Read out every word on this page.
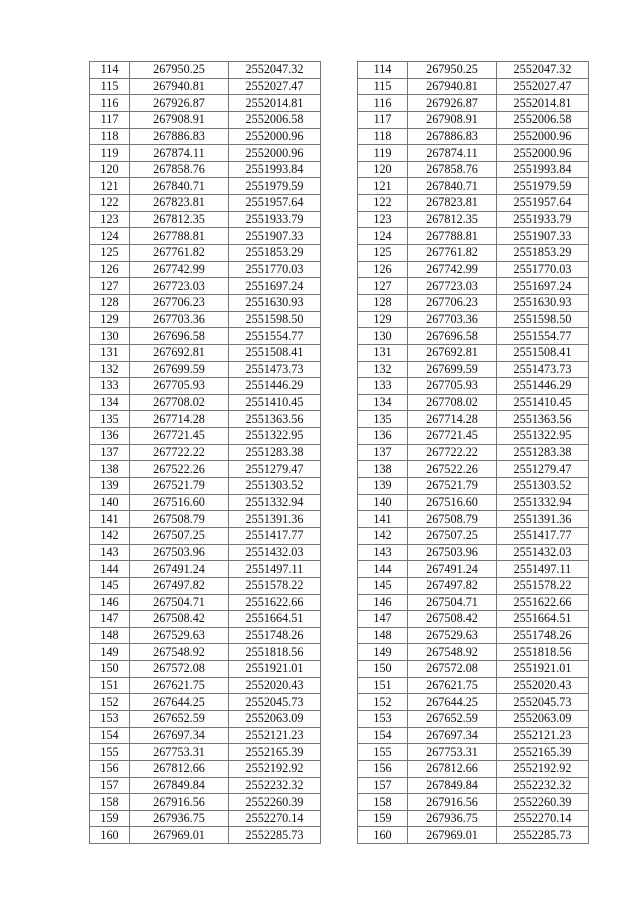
114	267950.25	2552047.32
115	267940.81	2552027.47
116	267926.87	2552014.81
117	267908.91	2552006.58
118	267886.83	2552000.96
119	267874.11	2552000.96
120	267858.76	2551993.84
121	267840.71	2551979.59
122	267823.81	2551957.64
123	267812.35	2551933.79
124	267788.81	2551907.33
125	267761.82	2551853.29
126	267742.99	2551770.03
127	267723.03	2551697.24
128	267706.23	2551630.93
129	267703.36	2551598.50
130	267696.58	2551554.77
131	267692.81	2551508.41
132	267699.59	2551473.73
133	267705.93	2551446.29
134	267708.02	2551410.45
135	267714.28	2551363.56
136	267721.45	2551322.95
137	267722.22	2551283.38
138	267522.26	2551279.47
139	267521.79	2551303.52
140	267516.60	2551332.94
141	267508.79	2551391.36
142	267507.25	2551417.77
143	267503.96	2551432.03
144	267491.24	2551497.11
145	267497.82	2551578.22
146	267504.71	2551622.66
147	267508.42	2551664.51
148	267529.63	2551748.26
149	267548.92	2551818.56
150	267572.08	2551921.01
151	267621.75	2552020.43
152	267644.25	2552045.73
153	267652.59	2552063.09
154	267697.34	2552121.23
155	267753.31	2552165.39
156	267812.66	2552192.92
157	267849.84	2552232.32
158	267916.56	2552260.39
159	267936.75	2552270.14
160	267969.01	2552285.73
114	267950.25	2552047.32
115	267940.81	2552027.47
116	267926.87	2552014.81
117	267908.91	2552006.58
118	267886.83	2552000.96
119	267874.11	2552000.96
120	267858.76	2551993.84
121	267840.71	2551979.59
122	267823.81	2551957.64
123	267812.35	2551933.79
124	267788.81	2551907.33
125	267761.82	2551853.29
126	267742.99	2551770.03
127	267723.03	2551697.24
128	267706.23	2551630.93
129	267703.36	2551598.50
130	267696.58	2551554.77
131	267692.81	2551508.41
132	267699.59	2551473.73
133	267705.93	2551446.29
134	267708.02	2551410.45
135	267714.28	2551363.56
136	267721.45	2551322.95
137	267722.22	2551283.38
138	267522.26	2551279.47
139	267521.79	2551303.52
140	267516.60	2551332.94
141	267508.79	2551391.36
142	267507.25	2551417.77
143	267503.96	2551432.03
144	267491.24	2551497.11
145	267497.82	2551578.22
146	267504.71	2551622.66
147	267508.42	2551664.51
148	267529.63	2551748.26
149	267548.92	2551818.56
150	267572.08	2551921.01
151	267621.75	2552020.43
152	267644.25	2552045.73
153	267652.59	2552063.09
154	267697.34	2552121.23
155	267753.31	2552165.39
156	267812.66	2552192.92
157	267849.84	2552232.32
158	267916.56	2552260.39
159	267936.75	2552270.14
160	267969.01	2552285.73
